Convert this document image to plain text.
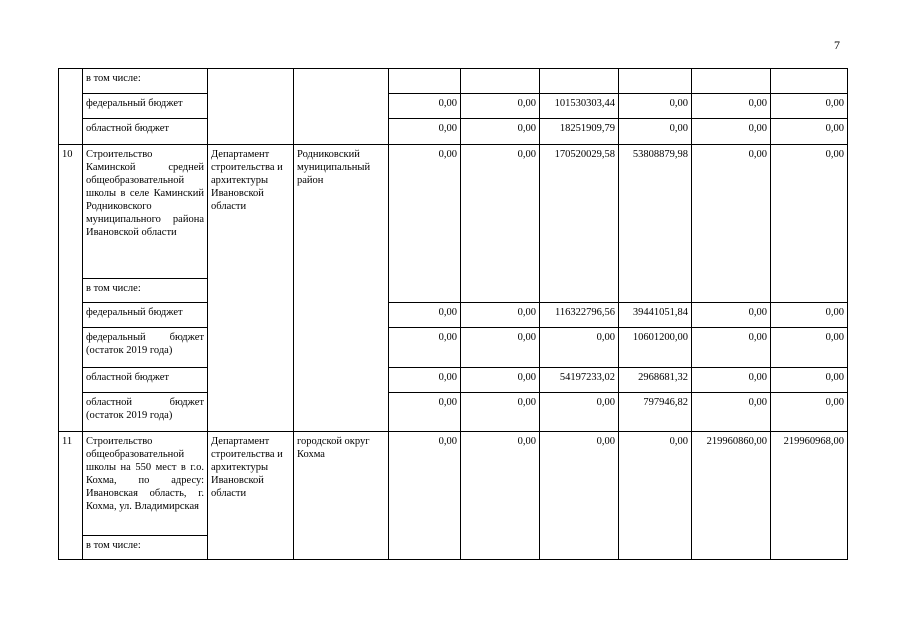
7
	в том числе:								
	федеральный бюджет			0,00	0,00	101530303,44	0,00	0,00	0,00
	областной бюджет			0,00	0,00	18251909,79	0,00	0,00	0,00
10	Строительство Каминской средней общеобразовательной школы в селе Каминский Родниковского муниципального района Ивановской области	Департамент строительства и архитектуры Ивановской области	Родниковский муниципальный район	0,00	0,00	170520029,58	53808879,98	0,00	0,00
	в том числе:								
	федеральный бюджет			0,00	0,00	116322796,56	39441051,84	0,00	0,00
	федеральный бюджет (остаток 2019 года)			0,00	0,00	0,00	10601200,00	0,00	0,00
	областной бюджет			0,00	0,00	54197233,02	2968681,32	0,00	0,00
	областной бюджет (остаток 2019 года)			0,00	0,00	0,00	797946,82	0,00	0,00
11	Строительство общеобразовательной школы на 550 мест в г.о. Кохма, по адресу: Ивановская область, г. Кохма, ул. Владимирская	Департамент строительства и архитектуры Ивановской области	городской округ Кохма	0,00	0,00	0,00	0,00	219960860,00	219960968,00
	в том числе:								
